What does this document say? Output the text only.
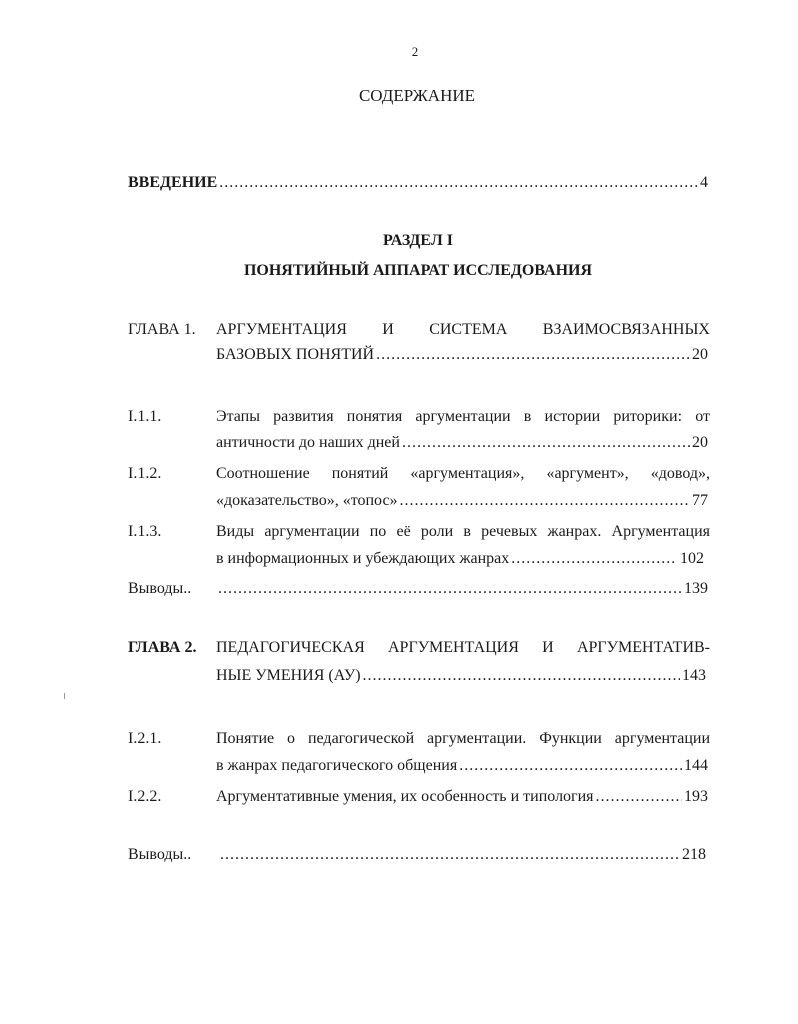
2
СОДЕРЖАНИЕ
ВВЕДЕНИЕ .....	4
РАЗДЕЛ I
ПОНЯТИЙНЫЙ АППАРАТ ИССЛЕДОВАНИЯ
ГЛАВА 1. АРГУМЕНТАЦИЯ И СИСТЕМА ВЗАИМОСВЯЗАННЫХ
БАЗОВЫХ ПОНЯТИЙ .....	20
I.1.1.	Этапы развития понятия аргументации в истории риторики: от
античности до наших дней .....	20
I.1.2.	Соотношение понятий «аргументация», «аргумент», «довод»,
«доказательство», «топос» .....	77
I.1.3.	Виды аргументации по её роли в речевых жанрах. Аргументация
в информационных и убеждающих жанрах .....	102
Выводы.. .....	139
ГЛАВА 2. ПЕДАГОГИЧЕСКАЯ АРГУМЕНТАЦИЯ И АРГУМЕНТАТИВ-
НЫЕ УМЕНИЯ (АУ) .....	143
I.2.1.	Понятие о педагогической аргументации. Функции аргументации
в жанрах педагогического общения .....	144
I.2.2.	Аргументативные умения, их особенность и типология .....	193
Выводы.. .....	218
